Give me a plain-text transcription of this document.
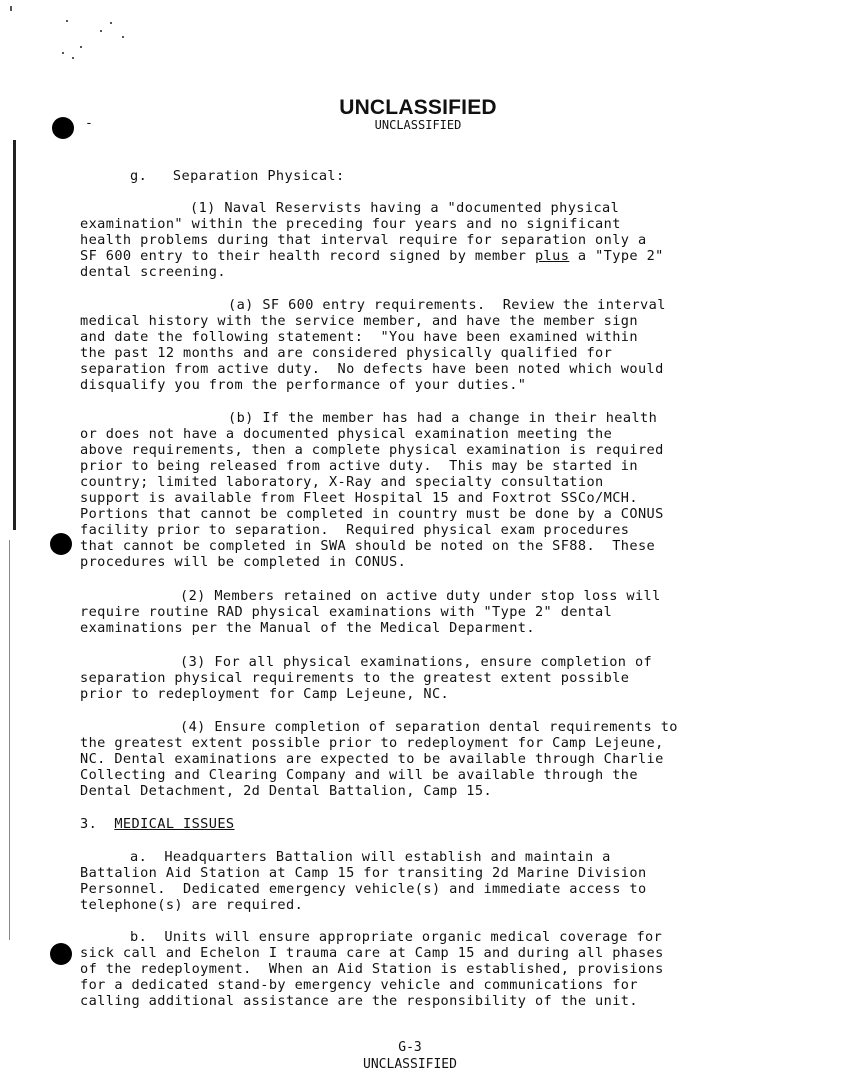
-
UNCLASSIFIED
UNCLASSIFIED
g.   Separation Physical:
(1) Naval Reservists having a "documented physical
examination" within the preceding four years and no significant
health problems during that interval require for separation only a
SF 600 entry to their health record signed by member plus a "Type 2"
dental screening.
(a) SF 600 entry requirements.  Review the interval
medical history with the service member, and have the member sign
and date the following statement:  "You have been examined within
the past 12 months and are considered physically qualified for
separation from active duty.  No defects have been noted which would
disqualify you from the performance of your duties."
(b) If the member has had a change in their health
or does not have a documented physical examination meeting the
above requirements, then a complete physical examination is required
prior to being released from active duty.  This may be started in
country; limited laboratory, X-Ray and specialty consultation
support is available from Fleet Hospital 15 and Foxtrot SSCo/MCH.
Portions that cannot be completed in country must be done by a CONUS
facility prior to separation.  Required physical exam procedures
that cannot be completed in SWA should be noted on the SF88.  These
procedures will be completed in CONUS.
(2) Members retained on active duty under stop loss will
require routine RAD physical examinations with "Type 2" dental
examinations per the Manual of the Medical Deparment.
(3) For all physical examinations, ensure completion of
separation physical requirements to the greatest extent possible
prior to redeployment for Camp Lejeune, NC.
(4) Ensure completion of separation dental requirements to
the greatest extent possible prior to redeployment for Camp Lejeune,
NC. Dental examinations are expected to be available through Charlie
Collecting and Clearing Company and will be available through the
Dental Detachment, 2d Dental Battalion, Camp 15.
3.  MEDICAL ISSUES
a.  Headquarters Battalion will establish and maintain a
Battalion Aid Station at Camp 15 for transiting 2d Marine Division
Personnel.  Dedicated emergency vehicle(s) and immediate access to
telephone(s) are required.
b.  Units will ensure appropriate organic medical coverage for
sick call and Echelon I trauma care at Camp 15 and during all phases
of the redeployment.  When an Aid Station is established, provisions
for a dedicated stand-by emergency vehicle and communications for
calling additional assistance are the responsibility of the unit.
G-3
UNCLASSIFIED
